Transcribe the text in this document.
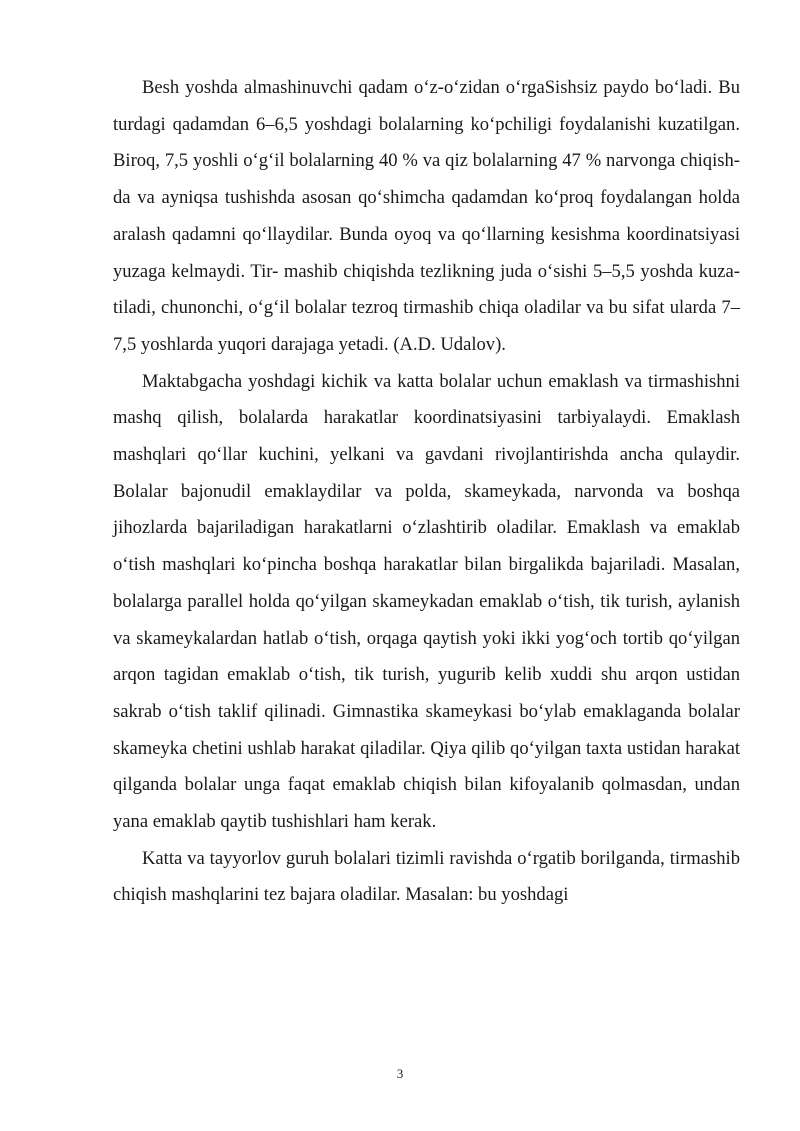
Besh yoshda almashinuvchi qadam o‘z-o‘zidan o‘rgaSishsiz paydo bo‘ladi. Bu turdagi qadamdan 6–6,5 yoshdagi bolalarning ko‘pchiligi foydalanishi kuzatilgan. Biroq, 7,5 yoshli o‘g‘il bolalarning 40 % va qiz bolalarning 47 % narvonga chiqish- da va ayniqsa tushishda asosan qo‘shimcha qadamdan ko‘proq foydalangan holda aralash qadamni qo‘llaydilar. Bunda oyoq va qo‘llarning kesishma koordinatsiyasi yuzaga kelmaydi. Tir- mashib chiqishda tezlikning juda o‘sishi 5–5,5 yoshda kuza- tiladi, chunonchi, o‘g‘il bolalar tezroq tirmashib chiqa oladilar va bu sifat ularda 7–7,5 yoshlarda yuqori darajaga yetadi. (A.D. Udalov).

Maktabgacha yoshdagi kichik va katta bolalar uchun emaklash va tirmashishni mashq qilish, bolalarda harakatlar koordinatsiyasini tarbiyalaydi. Emaklash mashqlari qo‘llar kuchini, yelkani va gavdani rivojlantirishda ancha qulaydir. Bolalar bajonudil emaklaydilar va polda, skameykada, narvonda va boshqa jihozlarda bajariladigan harakatlarni o‘zlashtirib oladilar. Emaklash va emaklab o‘tish mashqlari ko‘pincha boshqa harakatlar bilan birgalikda bajariladi. Masalan, bolalarga parallel holda qo‘yilgan skameykadan emaklab o‘tish, tik turish, aylanish va skameykalardan hatlab o‘tish, orqaga qaytish yoki ikki yog‘och tortib qo‘yilgan arqon tagidan emaklab o‘tish, tik turish, yugurib kelib xuddi shu arqon ustidan sakrab o‘tish taklif qilinadi. Gimnastika skameykasi bo‘ylab emaklaganda bolalar skameyka chetini ushlab harakat qiladilar. Qiya qilib qo‘yilgan taxta ustidan harakat qilganda bolalar unga faqat emaklab chiqish bilan kifoyalanib qolmasdan, undan yana emaklab qaytib tushishlari ham kerak.

Katta va tayyorlov guruh bolalari tizimli ravishda o‘rgatib borilganda, tirmashib chiqish mashqlarini tez bajara oladilar. Masalan: bu yoshdagi

3
